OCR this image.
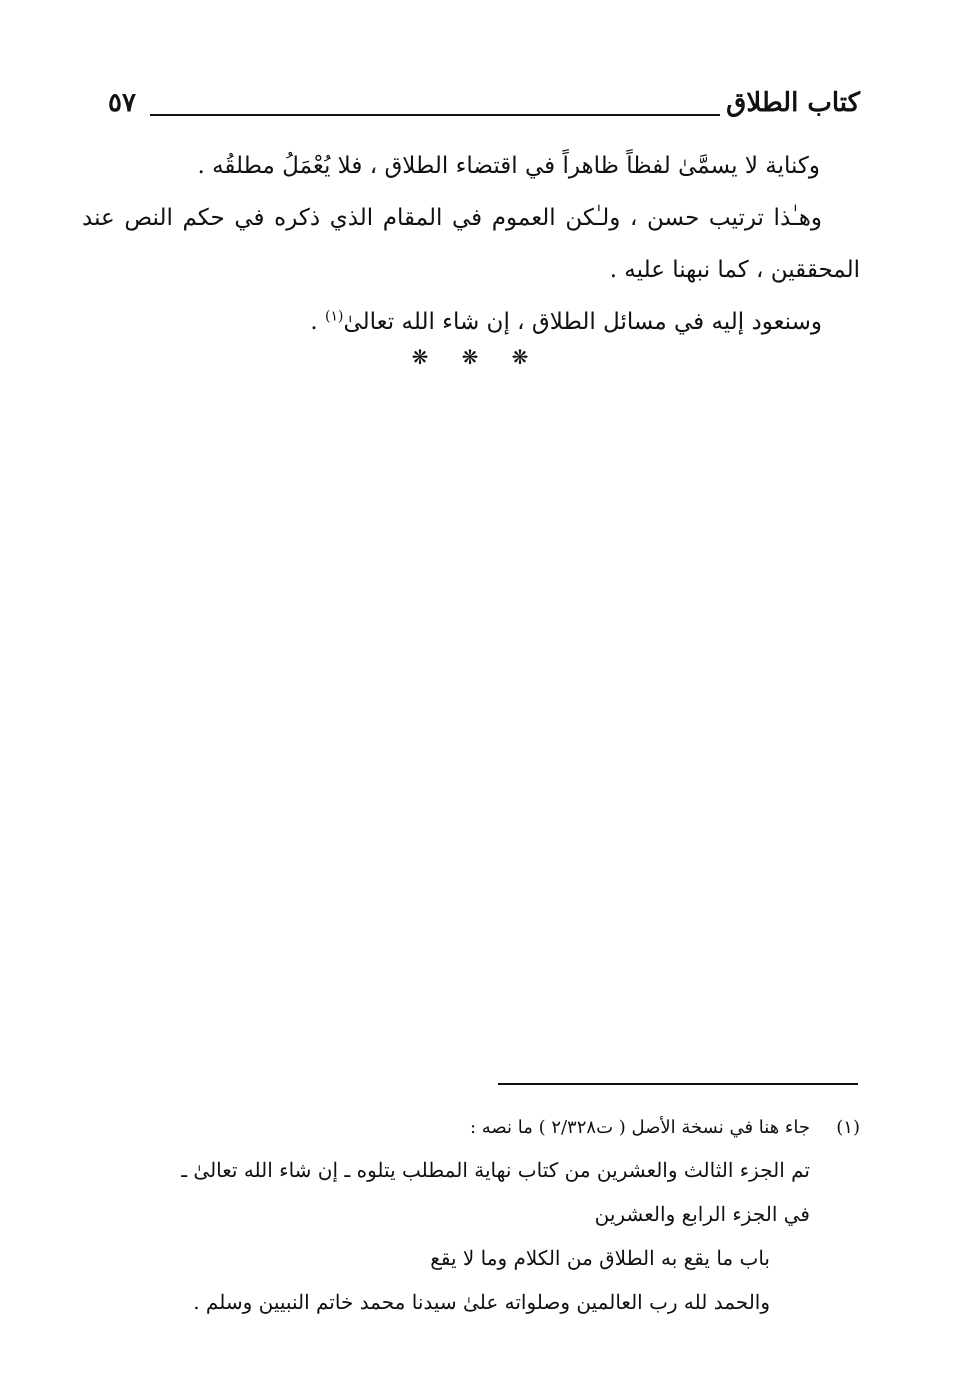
كتاب الطلاق
٥٧

وكناية لا يسمَّىٰ لفظاً ظاهراً في اقتضاء الطلاق ، فلا يُعْمَلُ مطلقُه .

وهـٰذا ترتيب حسن ، ولـٰكن العموم في المقام الذي ذكره في حكم النص عند المحققين ، كما نبهنا عليه .

وسنعود إليه في مسائل الطلاق ، إن شاء الله تعالىٰ$^{(١)}$ .

❋ ❋ ❋

(١)جاء هنا في نسخة الأصل ( ت٢/٣٢٨ ) ما نصه :

تم الجزء الثالث والعشرين من كتاب نهاية المطلب يتلوه ـ إن شاء الله تعالىٰ ـ

في الجزء الرابع والعشرين

باب ما يقع به الطلاق من الكلام وما لا يقع

والحمد لله رب العالمين وصلواته علىٰ سيدنا محمد خاتم النبيين وسلم .
